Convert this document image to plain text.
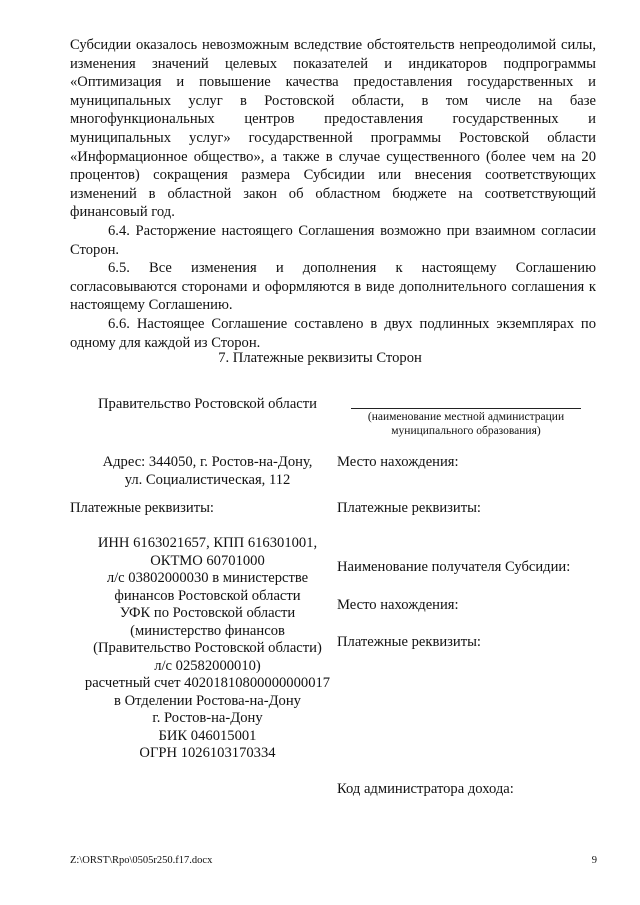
Субсидии оказалось невозможным вследствие обстоятельств непреодолимой силы, изменения значений целевых показателей и индикаторов подпрограммы «Оптимизация и повышение качества предоставления государственных и муниципальных услуг в Ростовской области, в том числе на базе многофункциональных центров предоставления государственных и муниципальных услуг» государственной программы Ростовской области «Информационное общество», а также в случае существенного (более чем на 20 процентов) сокращения размера Субсидии или внесения соответствующих изменений в областной закон об областном бюджете на соответствующий финансовый год.

6.4. Расторжение настоящего Соглашения возможно при взаимном согласии Сторон.

6.5. Все изменения и дополнения к настоящему Соглашению согласовываются сторонами и оформляются в виде дополнительного соглашения к настоящему Соглашению.

6.6. Настоящее Соглашение составлено в двух подлинных экземплярах по одному для каждой из Сторон.

7. Платежные реквизиты Сторон
Правительство Ростовской области
Адрес: 344050, г. Ростов-на-Дону,
ул. Социалистическая, 112
Платежные реквизиты:
ИНН 6163021657, КПП 616301001,
ОКТМО 60701000
л/с 03802000030 в министерстве
финансов Ростовской области
УФК по Ростовской области
(министерство финансов
(Правительство Ростовской области)
л/с 02582000010)
расчетный счет 40201810800000000017
в Отделении Ростова-на-Дону
г. Ростов-на-Дону
БИК 046015001
ОГРН 1026103170334
(наименование местной администрации
муниципального образования)
Место нахождения:
Платежные реквизиты:
Наименование получателя Субсидии:
Место нахождения:
Платежные реквизиты:
Код администратора дохода:
Z:\ORST\Rpo\0505r250.f17.docx	9
